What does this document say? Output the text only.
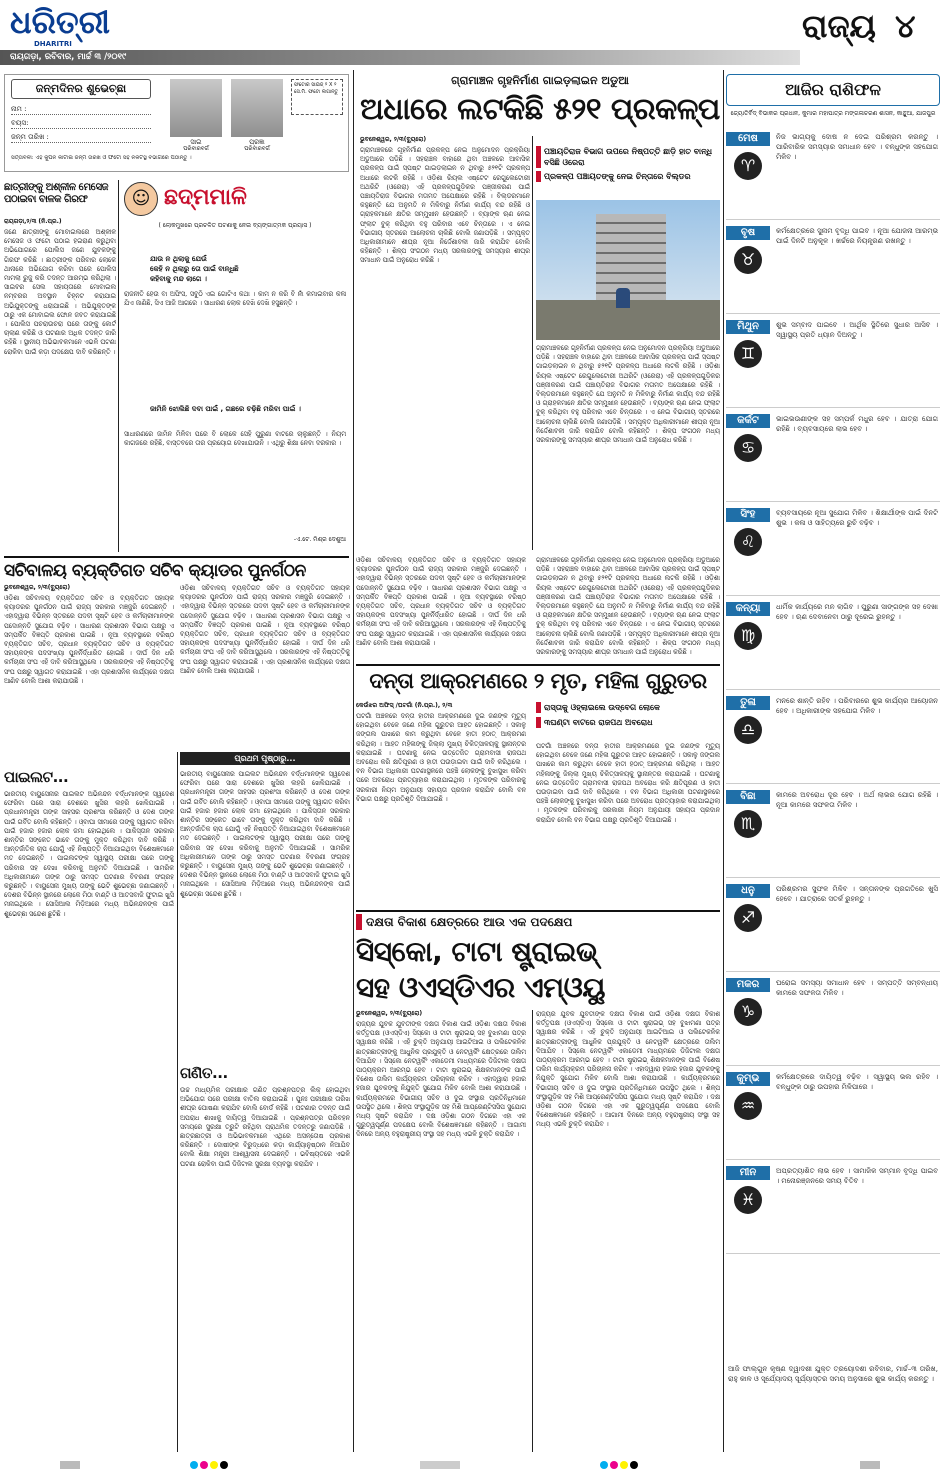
ଧରିତ୍ରୀ
DHARITRI
ରାୟଗଡ଼ା, ରବିବାର, ମାର୍ଚ୍ଚ ୩ /୨୦୧୯
ରାଜ୍ୟ ୪
ଜନ୍ମଦିନର ଶୁଭେଚ୍ଛା
ନାମ :
ବୟସ:
ଜନ୍ମ ତାରିଖ :
ସାଇ
ପରିବାରବର୍ଗ
ପ୍ରଜ୍ଞା
ପରିବାରବର୍ଗ
ଫଟୋର ସାଇଜ୍ ୨ X ୨ ସେ.ମି. ଫଟୋ ଲଗାନ୍ତୁ
ସର୍ତ୍ତାବଳୀ: ଏହି କୁପନ କାଟାଇ ଜନ୍ମ ତାରିଖ ଓ ଫଟୋ ସହ ନିକଟସ୍ଥ ବିଭାଗରେ ପଠାନ୍ତୁ ।
ଛାତ୍ରୀଙ୍କୁ ଅଶ୍ଳୀଳ ମେସେଜ ପଠାଇବା ବାଳକ ଗିରଫ
ରାୟଗଡ଼ା,୨/୩ (ନି.ପ୍ର.)
ଜଣେ ଛାତ୍ରୀଙ୍କୁ ମୋବାଇଲରେ ଅଶ୍ଳୀଳ ମେସେଜ ଓ ଫଟୋ ପଠାଇ ହଇରାଣ କରୁଥିବା ଅଭିଯୋଗରେ ପୋଲିସ ଜଣେ ଯୁବକଙ୍କୁ ଗିରଫ କରିଛି । ଛାତ୍ରୀଙ୍କ ପରିବାର ଲୋକେ ଥାନାରେ ଅଭିଯୋଗ କରିବା ପରେ ପୋଲିସ ମାମଲା ରୁଜୁ କରି ତଦନ୍ତ ଆରମ୍ଭ କରିଥିଲା । ସାଇବର ସେଲ ସହାୟତାରେ ମୋବାଇଲ ନମ୍ବରର ଅବସ୍ଥାନ ଚିହ୍ନଟ କରାଯାଇ ଅଭିଯୁକ୍ତଙ୍କୁ ଧରାଯାଇଛି । ଅଭିଯୁକ୍ତଙ୍କ ଠାରୁ ଏକ ମୋବାଇଲ ଫୋନ ଜବତ କରାଯାଇଛି । ପୋଲିସ ପଚରାଉଚରା ପରେ ତାଙ୍କୁ କୋର୍ଟ ଚାଲାଣ କରିଛି ଓ ଘଟଣାର ଅଧିକ ତଦନ୍ତ ଜାରି ରହିଛି । ସ୍ଥାନୀୟ ଅଭିଭାବକମାନେ ଏଭଳି ଘଟଣା ରୋକିବା ପାଇଁ କଡ଼ା ପଦକ୍ଷେପ ଦାବି କରିଛନ୍ତି ।
☺ ଛଦ୍ମମାଳି
( ଲୋକମୁଖରେ ପ୍ରଚଳିତ ଘଟଣାକୁ ନେଇ ବ୍ୟଙ୍ଗାତ୍ମକ ପ୍ରୟାସ )
ଯାଉ ନ ଥିଲାକୁ ଯେଉଁ
କେହି ନ ଥିଲାରୁ ତୋ ପାଇଁ ବାନ୍ଧିଛି
କହିବାକୁ ମନ୍ଦ ଲାଗେ ।
ରାଜନୀତି ହେଉ ବା ଅଫିସ, ସବୁଠି ଏଇ ଗୋଟିଏ କଥା । କାମ ନ କରି ବି ନାଁ କମାଇବାର କଳା ଯିଏ ଜାଣିଛି, ସିଏ ଆଜି ଆଗରେ । ସାଧାରଣ ଲୋକ ଦେଖି ଦେଖି ହସୁଛନ୍ତି ।
ଜାମିନି ଝୋଲିଛି ଦବା ପାଇଁ , ଗଛରେ ଚଢ଼ିଛି ମରିବା ପାଇଁ ।
ସାଧାରଣରେ ଜାମିନ ମିଳିବା ପରେ ବି ଲୋକେ ସେହି ପୁରୁଣା ବାଟରେ ଚାଲୁଛନ୍ତି । ନିୟମ କାଗଜରେ ରହିଛି, ବାସ୍ତବରେ ତାର ପ୍ରୟୋଗ ଦେଖାଯାଉନି । ଏଥିରୁ ଶିକ୍ଷା ନେବା ଦରକାର ।
-ଏ.ଟେ. ମିଶ୍ର ଦେଶୁଆ
ଗ୍ରାମାଞ୍ଚଳ ଗୃହନିର୍ମାଣ ଗାଇଡ଼ଲାଇନ ଅଡୁଆ
ଅଧାରେ ଲଟକିଛି ୫୨୧ ପ୍ରକଳ୍ପ
ଭୁବନେଶ୍ୱର, ୨/୩(ବ୍ୟୁରୋ)
ଗ୍ରାମାଞ୍ଚଳରେ ଗୃହନିର୍ମାଣ ପ୍ରକଳ୍ପ ନେଇ ଅନୁମୋଦନ ପ୍ରକ୍ରିୟା ଅଡୁଆରେ ପଡ଼ିଛି । ସହରାଞ୍ଚଳ ବାହାରେ ଥିବା ଅଞ୍ଚଳରେ ଆବାସିକ ପ୍ରକଳ୍ପ ପାଇଁ ସ୍ପଷ୍ଟ ଗାଇଡ଼ଲାଇନ ନ ଥିବାରୁ ୫୨୧ଟି ପ୍ରକଳ୍ପ ଅଧାରେ ଲଟକି ରହିଛି । ଓଡ଼ିଶା ରିୟଲ ଏଷ୍ଟେଟ ରେଗୁଲେଟୋରୀ ଅଥରିଟି (ଓରେରା) ଏହି ପ୍ରକଳ୍ପଗୁଡ଼ିକର ପଞ୍ଜୀକରଣ ପାଇଁ ପଞ୍ଚାୟତିରାଜ ବିଭାଗର ମତାମତ ଅପେକ୍ଷାରେ ରହିଛି । ବିଲ୍ଡରମାନେ କହୁଛନ୍ତି ଯେ ଅନୁମତି ନ ମିଳିବାରୁ ନିର୍ମାଣ କାର୍ଯ୍ୟ ବନ୍ଦ ରହିଛି ଓ ଗ୍ରାହକମାନେ କ୍ଷତିର ସମ୍ମୁଖୀନ ହେଉଛନ୍ତି । ବ୍ୟାଙ୍କ ଋଣ ନେଇ ଫ୍ଲାଟ ବୁକ୍ କରିଥିବା ବହୁ ପରିବାର ଏବେ ଚିନ୍ତାରେ । ଏ ନେଇ ବିଭାଗୀୟ ସ୍ତରରେ ଆଲୋଚନା ଚାଲିଛି ବୋଲି ଜଣାପଡ଼ିଛି । ସମ୍ପୃକ୍ତ ଅଧିକାରୀମାନେ ଶୀଘ୍ର ନୂଆ ନିର୍ଦ୍ଦେଶାବଳୀ ଜାରି କରାଯିବ ବୋଲି କହିଛନ୍ତି । ଶିଳ୍ପ ସଂଗଠନ ମଧ୍ୟ ସରକାରଙ୍କୁ ସମସ୍ୟାର ଶୀଘ୍ର ସମାଧାନ ପାଇଁ ଅନୁରୋଧ କରିଛି ।
ପଞ୍ଚାୟତିରାଜ ବିଭାଗ ଉପରେ ନିଷ୍ପତ୍ତି ଛାଡ଼ି ହାତ ବାନ୍ଧି ବସିଛି ଓରେରା
ପ୍ରକଳ୍ପ ପଞ୍ଚାୟତଙ୍କୁ ନେଇ ଚିନ୍ତାରେ ବିଲ୍ଡର
ଗ୍ରାମାଞ୍ଚଳରେ ଗୃହନିର୍ମାଣ ପ୍ରକଳ୍ପ ନେଇ ଅନୁମୋଦନ ପ୍ରକ୍ରିୟା ଅଡୁଆରେ ପଡ଼ିଛି । ସହରାଞ୍ଚଳ ବାହାରେ ଥିବା ଅଞ୍ଚଳରେ ଆବାସିକ ପ୍ରକଳ୍ପ ପାଇଁ ସ୍ପଷ୍ଟ ଗାଇଡ଼ଲାଇନ ନ ଥିବାରୁ ୫୨୧ଟି ପ୍ରକଳ୍ପ ଅଧାରେ ଲଟକି ରହିଛି । ଓଡ଼ିଶା ରିୟଲ ଏଷ୍ଟେଟ ରେଗୁଲେଟୋରୀ ଅଥରିଟି (ଓରେରା) ଏହି ପ୍ରକଳ୍ପଗୁଡ଼ିକର ପଞ୍ଜୀକରଣ ପାଇଁ ପଞ୍ଚାୟତିରାଜ ବିଭାଗର ମତାମତ ଅପେକ୍ଷାରେ ରହିଛି । ବିଲ୍ଡରମାନେ କହୁଛନ୍ତି ଯେ ଅନୁମତି ନ ମିଳିବାରୁ ନିର୍ମାଣ କାର୍ଯ୍ୟ ବନ୍ଦ ରହିଛି ଓ ଗ୍ରାହକମାନେ କ୍ଷତିର ସମ୍ମୁଖୀନ ହେଉଛନ୍ତି । ବ୍ୟାଙ୍କ ଋଣ ନେଇ ଫ୍ଲାଟ ବୁକ୍ କରିଥିବା ବହୁ ପରିବାର ଏବେ ଚିନ୍ତାରେ । ଏ ନେଇ ବିଭାଗୀୟ ସ୍ତରରେ ଆଲୋଚନା ଚାଲିଛି ବୋଲି ଜଣାପଡ଼ିଛି । ସମ୍ପୃକ୍ତ ଅଧିକାରୀମାନେ ଶୀଘ୍ର ନୂଆ ନିର୍ଦ୍ଦେଶାବଳୀ ଜାରି କରାଯିବ ବୋଲି କହିଛନ୍ତି । ଶିଳ୍ପ ସଂଗଠନ ମଧ୍ୟ ସରକାରଙ୍କୁ ସମସ୍ୟାର ଶୀଘ୍ର ସମାଧାନ ପାଇଁ ଅନୁରୋଧ କରିଛି ।
ସଚିବାଳୟ ବ୍ୟକ୍ତିଗତ ସଚିବ କ୍ୟାଡର ପୁନର୍ଗଠନ
ଭୁବନେଶ୍ୱର, ୨/୩(ବ୍ୟୁରୋ)
ଓଡ଼ିଶା ସଚିବାଳୟ ବ୍ୟକ୍ତିଗତ ସଚିବ ଓ ବ୍ୟକ୍ତିଗତ ସହାୟକ କ୍ୟାଡରର ପୁନର୍ଗଠନ ପାଇଁ ରାଜ୍ୟ ସରକାର ମଞ୍ଜୁରି ଦେଇଛନ୍ତି । ଏହାଦ୍ୱାରା ବିଭିନ୍ନ ସ୍ତରରେ ପଦବୀ ସୃଷ୍ଟି ହେବ ଓ କର୍ମଚାରୀମାନଙ୍କ ପଦୋନ୍ନତି ସୁଯୋଗ ବଢ଼ିବ । ସାଧାରଣ ପ୍ରଶାସନ ବିଭାଗ ପକ୍ଷରୁ ଏ ସମ୍ପର୍କିତ ବିଜ୍ଞପ୍ତି ପ୍ରକାଶ ପାଇଛି । ନୂଆ ବ୍ୟବସ୍ଥାରେ ବରିଷ୍ଠ ବ୍ୟକ୍ତିଗତ ସଚିବ, ପ୍ରଧାନ ବ୍ୟକ୍ତିଗତ ସଚିବ ଓ ବ୍ୟକ୍ତିଗତ ସହାୟକଙ୍କ ପଦସଂଖ୍ୟା ପୁନର୍ନିର୍ଦ୍ଧାରିତ ହୋଇଛି । ଦୀର୍ଘ ଦିନ ଧରି କର୍ମଚାରୀ ସଂଘ ଏହି ଦାବି କରିଆସୁଥିଲେ । ସରକାରଙ୍କ ଏହି ନିଷ୍ପତ୍ତିକୁ ସଂଘ ପକ୍ଷରୁ ସ୍ୱାଗତ କରାଯାଇଛି । ଏହା ପ୍ରଶାସନିକ କାର୍ଯ୍ୟରେ ଦକ୍ଷତା ଆଣିବ ବୋଲି ଆଶା କରାଯାଉଛି ।
ଓଡ଼ିଶା ସଚିବାଳୟ ବ୍ୟକ୍ତିଗତ ସଚିବ ଓ ବ୍ୟକ୍ତିଗତ ସହାୟକ କ୍ୟାଡରର ପୁନର୍ଗଠନ ପାଇଁ ରାଜ୍ୟ ସରକାର ମଞ୍ଜୁରି ଦେଇଛନ୍ତି । ଏହାଦ୍ୱାରା ବିଭିନ୍ନ ସ୍ତରରେ ପଦବୀ ସୃଷ୍ଟି ହେବ ଓ କର୍ମଚାରୀମାନଙ୍କ ପଦୋନ୍ନତି ସୁଯୋଗ ବଢ଼ିବ । ସାଧାରଣ ପ୍ରଶାସନ ବିଭାଗ ପକ୍ଷରୁ ଏ ସମ୍ପର୍କିତ ବିଜ୍ଞପ୍ତି ପ୍ରକାଶ ପାଇଛି । ନୂଆ ବ୍ୟବସ୍ଥାରେ ବରିଷ୍ଠ ବ୍ୟକ୍ତିଗତ ସଚିବ, ପ୍ରଧାନ ବ୍ୟକ୍ତିଗତ ସଚିବ ଓ ବ୍ୟକ୍ତିଗତ ସହାୟକଙ୍କ ପଦସଂଖ୍ୟା ପୁନର୍ନିର୍ଦ୍ଧାରିତ ହୋଇଛି । ଦୀର୍ଘ ଦିନ ଧରି କର୍ମଚାରୀ ସଂଘ ଏହି ଦାବି କରିଆସୁଥିଲେ । ସରକାରଙ୍କ ଏହି ନିଷ୍ପତ୍ତିକୁ ସଂଘ ପକ୍ଷରୁ ସ୍ୱାଗତ କରାଯାଇଛି । ଏହା ପ୍ରଶାସନିକ କାର୍ଯ୍ୟରେ ଦକ୍ଷତା ଆଣିବ ବୋଲି ଆଶା କରାଯାଉଛି ।
ଓଡ଼ିଶା ସଚିବାଳୟ ବ୍ୟକ୍ତିଗତ ସଚିବ ଓ ବ୍ୟକ୍ତିଗତ ସହାୟକ କ୍ୟାଡରର ପୁନର୍ଗଠନ ପାଇଁ ରାଜ୍ୟ ସରକାର ମଞ୍ଜୁରି ଦେଇଛନ୍ତି । ଏହାଦ୍ୱାରା ବିଭିନ୍ନ ସ୍ତରରେ ପଦବୀ ସୃଷ୍ଟି ହେବ ଓ କର୍ମଚାରୀମାନଙ୍କ ପଦୋନ୍ନତି ସୁଯୋଗ ବଢ଼ିବ । ସାଧାରଣ ପ୍ରଶାସନ ବିଭାଗ ପକ୍ଷରୁ ଏ ସମ୍ପର୍କିତ ବିଜ୍ଞପ୍ତି ପ୍ରକାଶ ପାଇଛି । ନୂଆ ବ୍ୟବସ୍ଥାରେ ବରିଷ୍ଠ ବ୍ୟକ୍ତିଗତ ସଚିବ, ପ୍ରଧାନ ବ୍ୟକ୍ତିଗତ ସଚିବ ଓ ବ୍ୟକ୍ତିଗତ ସହାୟକଙ୍କ ପଦସଂଖ୍ୟା ପୁନର୍ନିର୍ଦ୍ଧାରିତ ହୋଇଛି । ଦୀର୍ଘ ଦିନ ଧରି କର୍ମଚାରୀ ସଂଘ ଏହି ଦାବି କରିଆସୁଥିଲେ । ସରକାରଙ୍କ ଏହି ନିଷ୍ପତ୍ତିକୁ ସଂଘ ପକ୍ଷରୁ ସ୍ୱାଗତ କରାଯାଇଛି । ଏହା ପ୍ରଶାସନିକ କାର୍ଯ୍ୟରେ ଦକ୍ଷତା ଆଣିବ ବୋଲି ଆଶା କରାଯାଉଛି ।
ଗ୍ରାମାଞ୍ଚଳରେ ଗୃହନିର୍ମାଣ ପ୍ରକଳ୍ପ ନେଇ ଅନୁମୋଦନ ପ୍ରକ୍ରିୟା ଅଡୁଆରେ ପଡ଼ିଛି । ସହରାଞ୍ଚଳ ବାହାରେ ଥିବା ଅଞ୍ଚଳରେ ଆବାସିକ ପ୍ରକଳ୍ପ ପାଇଁ ସ୍ପଷ୍ଟ ଗାଇଡ଼ଲାଇନ ନ ଥିବାରୁ ୫୨୧ଟି ପ୍ରକଳ୍ପ ଅଧାରେ ଲଟକି ରହିଛି । ଓଡ଼ିଶା ରିୟଲ ଏଷ୍ଟେଟ ରେଗୁଲେଟୋରୀ ଅଥରିଟି (ଓରେରା) ଏହି ପ୍ରକଳ୍ପଗୁଡ଼ିକର ପଞ୍ଜୀକରଣ ପାଇଁ ପଞ୍ଚାୟତିରାଜ ବିଭାଗର ମତାମତ ଅପେକ୍ଷାରେ ରହିଛି । ବିଲ୍ଡରମାନେ କହୁଛନ୍ତି ଯେ ଅନୁମତି ନ ମିଳିବାରୁ ନିର୍ମାଣ କାର୍ଯ୍ୟ ବନ୍ଦ ରହିଛି ଓ ଗ୍ରାହକମାନେ କ୍ଷତିର ସମ୍ମୁଖୀନ ହେଉଛନ୍ତି । ବ୍ୟାଙ୍କ ଋଣ ନେଇ ଫ୍ଲାଟ ବୁକ୍ କରିଥିବା ବହୁ ପରିବାର ଏବେ ଚିନ୍ତାରେ । ଏ ନେଇ ବିଭାଗୀୟ ସ୍ତରରେ ଆଲୋଚନା ଚାଲିଛି ବୋଲି ଜଣାପଡ଼ିଛି । ସମ୍ପୃକ୍ତ ଅଧିକାରୀମାନେ ଶୀଘ୍ର ନୂଆ ନିର୍ଦ୍ଦେଶାବଳୀ ଜାରି କରାଯିବ ବୋଲି କହିଛନ୍ତି । ଶିଳ୍ପ ସଂଗଠନ ମଧ୍ୟ ସରକାରଙ୍କୁ ସମସ୍ୟାର ଶୀଘ୍ର ସମାଧାନ ପାଇଁ ଅନୁରୋଧ କରିଛି ।
ଦନ୍ତା ଆକ୍ରମଣରେ ୨ ମୃତ, ମହିଳା ଗୁରୁତର
କେଉଁଝର ଅଫିସ୍ /ଘଟଗାଁ (ନି.ପ୍ର.), ୨/୩
ଘଟଗାଁ ଅଞ୍ଚଳରେ ଦନ୍ତା ହାତୀର ଆକ୍ରମଣରେ ଦୁଇ ଜଣଙ୍କ ମୃତ୍ୟୁ ହୋଇଥିବା ବେଳେ ଜଣେ ମହିଳା ଗୁରୁତର ଆହତ ହୋଇଛନ୍ତି । ସକାଳୁ ଜଙ୍ଗଲ ପାଖରେ କାମ କରୁଥିବା ବେଳେ ହାତୀ ହଠାତ୍ ଆକ୍ରମଣ କରିଥିଲା । ଆହତ ମହିଳାଙ୍କୁ ଜିଲ୍ଲା ମୁଖ୍ୟ ଚିକିତ୍ସାଳୟକୁ ସ୍ଥାନାନ୍ତର କରାଯାଇଛି । ଘଟଣାକୁ ନେଇ ଉତ୍ତେଜିତ ଗ୍ରାମବାସୀ ରାଜପଥ ଅବରୋଧ କରି କ୍ଷତିପୂରଣ ଓ ହାତୀ ଘଉଡ଼ାଇବା ପାଇଁ ଦାବି କରିଥିଲେ । ବନ ବିଭାଗ ଅଧିକାରୀ ଘଟଣାସ୍ଥଳରେ ପହଞ୍ଚି ଲୋକଙ୍କୁ ବୁଝାସୁଝା କରିବା ପରେ ଅବରୋଧ ପ୍ରତ୍ୟାହାର କରାଯାଇଥିଲା । ମୃତକଙ୍କ ପରିବାରକୁ ସରକାରୀ ନିୟମ ଅନୁଯାୟୀ ସହାୟତା ପ୍ରଦାନ କରାଯିବ ବୋଲି ବନ ବିଭାଗ ପକ୍ଷରୁ ପ୍ରତିଶୃତି ଦିଆଯାଇଛି ।
ରାସ୍ତାକୁ ଓହ୍ଲାଇଲେ ଉଦ୍ବେଗ ଲୋକେ
୩ଘଣ୍ଟା ବାଟରେ ରାଜପଥ ଅବରୋଧ
ଘଟଗାଁ ଅଞ୍ଚଳରେ ଦନ୍ତା ହାତୀର ଆକ୍ରମଣରେ ଦୁଇ ଜଣଙ୍କ ମୃତ୍ୟୁ ହୋଇଥିବା ବେଳେ ଜଣେ ମହିଳା ଗୁରୁତର ଆହତ ହୋଇଛନ୍ତି । ସକାଳୁ ଜଙ୍ଗଲ ପାଖରେ କାମ କରୁଥିବା ବେଳେ ହାତୀ ହଠାତ୍ ଆକ୍ରମଣ କରିଥିଲା । ଆହତ ମହିଳାଙ୍କୁ ଜିଲ୍ଲା ମୁଖ୍ୟ ଚିକିତ୍ସାଳୟକୁ ସ୍ଥାନାନ୍ତର କରାଯାଇଛି । ଘଟଣାକୁ ନେଇ ଉତ୍ତେଜିତ ଗ୍ରାମବାସୀ ରାଜପଥ ଅବରୋଧ କରି କ୍ଷତିପୂରଣ ଓ ହାତୀ ଘଉଡ଼ାଇବା ପାଇଁ ଦାବି କରିଥିଲେ । ବନ ବିଭାଗ ଅଧିକାରୀ ଘଟଣାସ୍ଥଳରେ ପହଞ୍ଚି ଲୋକଙ୍କୁ ବୁଝାସୁଝା କରିବା ପରେ ଅବରୋଧ ପ୍ରତ୍ୟାହାର କରାଯାଇଥିଲା । ମୃତକଙ୍କ ପରିବାରକୁ ସରକାରୀ ନିୟମ ଅନୁଯାୟୀ ସହାୟତା ପ୍ରଦାନ କରାଯିବ ବୋଲି ବନ ବିଭାଗ ପକ୍ଷରୁ ପ୍ରତିଶୃତି ଦିଆଯାଇଛି ।
ପ୍ରଥମ ପୃଷ୍ଠାରୁ...
ପାଇଲଟ...
ଭାରତୀୟ ବାୟୁସେନାର ପାଇଲଟ ଅଭିନନ୍ଦନ ବର୍ଦ୍ଧମାନଙ୍କ ସ୍ୱଦେଶ ଫେରିବା ପରେ ସାରା ଦେଶରେ ଖୁସିର ଲହରି ଖେଳିଯାଇଛି । ପ୍ରଧାନମନ୍ତ୍ରୀ ତାଙ୍କ ସାହସର ପ୍ରଶଂସା କରିଛନ୍ତି ଓ ଦେଶ ତାଙ୍କ ପାଇଁ ଗର୍ବିତ ବୋଲି କହିଛନ୍ତି । ଓ୍ବାଘା ସୀମାରେ ତାଙ୍କୁ ସ୍ୱାଗତ କରିବା ପାଇଁ ହଜାର ହଜାର ଲୋକ ଜମା ହୋଇଥିଲେ । ପାକିସ୍ତାନ ସରକାର ଶାନ୍ତିର ସଙ୍କେତ ଭାବେ ତାଙ୍କୁ ମୁକ୍ତ କରିଥିବା ଦାବି କରିଛି । ଆନ୍ତର୍ଜାତିକ ଚାପ ଯୋଗୁଁ ଏହି ନିଷ୍ପତ୍ତି ନିଆଯାଇଥିବା ବିଶେଷଜ୍ଞମାନେ ମତ ଦେଇଛନ୍ତି । ପାଇଲଟଙ୍କ ସ୍ୱାସ୍ଥ୍ୟ ପରୀକ୍ଷା ପରେ ତାଙ୍କୁ ପରିବାର ସହ ଦେଖା କରିବାକୁ ଅନୁମତି ଦିଆଯାଇଛି । ସାମରିକ ଅଧିକାରୀମାନେ ତାଙ୍କ ଠାରୁ ସମସ୍ତ ଘଟଣାର ବିବରଣୀ ସଂଗ୍ରହ କରୁଛନ୍ତି । ବାୟୁସେନା ମୁଖ୍ୟ ତାଙ୍କୁ ଭେଟି ଶୁଭେଚ୍ଛା ଜଣାଇଛନ୍ତି । ଦେଶର ବିଭିନ୍ନ ସ୍ଥାନରେ ଲୋକେ ମିଠା ବାଣ୍ଟି ଓ ଆତସବାଜି ଫୁଟାଇ ଖୁସି ମନାଇଥିଲେ । ସୋସିଆଲ ମିଡ଼ିଆରେ ମଧ୍ୟ ଅଭିନନ୍ଦନଙ୍କ ପାଇଁ ଶୁଭେଚ୍ଛା ସନ୍ଦେଶ ଛୁଟିଛି ।
ଭାରତୀୟ ବାୟୁସେନାର ପାଇଲଟ ଅଭିନନ୍ଦନ ବର୍ଦ୍ଧମାନଙ୍କ ସ୍ୱଦେଶ ଫେରିବା ପରେ ସାରା ଦେଶରେ ଖୁସିର ଲହରି ଖେଳିଯାଇଛି । ପ୍ରଧାନମନ୍ତ୍ରୀ ତାଙ୍କ ସାହସର ପ୍ରଶଂସା କରିଛନ୍ତି ଓ ଦେଶ ତାଙ୍କ ପାଇଁ ଗର୍ବିତ ବୋଲି କହିଛନ୍ତି । ଓ୍ବାଘା ସୀମାରେ ତାଙ୍କୁ ସ୍ୱାଗତ କରିବା ପାଇଁ ହଜାର ହଜାର ଲୋକ ଜମା ହୋଇଥିଲେ । ପାକିସ୍ତାନ ସରକାର ଶାନ୍ତିର ସଙ୍କେତ ଭାବେ ତାଙ୍କୁ ମୁକ୍ତ କରିଥିବା ଦାବି କରିଛି । ଆନ୍ତର୍ଜାତିକ ଚାପ ଯୋଗୁଁ ଏହି ନିଷ୍ପତ୍ତି ନିଆଯାଇଥିବା ବିଶେଷଜ୍ଞମାନେ ମତ ଦେଇଛନ୍ତି । ପାଇଲଟଙ୍କ ସ୍ୱାସ୍ଥ୍ୟ ପରୀକ୍ଷା ପରେ ତାଙ୍କୁ ପରିବାର ସହ ଦେଖା କରିବାକୁ ଅନୁମତି ଦିଆଯାଇଛି । ସାମରିକ ଅଧିକାରୀମାନେ ତାଙ୍କ ଠାରୁ ସମସ୍ତ ଘଟଣାର ବିବରଣୀ ସଂଗ୍ରହ କରୁଛନ୍ତି । ବାୟୁସେନା ମୁଖ୍ୟ ତାଙ୍କୁ ଭେଟି ଶୁଭେଚ୍ଛା ଜଣାଇଛନ୍ତି । ଦେଶର ବିଭିନ୍ନ ସ୍ଥାନରେ ଲୋକେ ମିଠା ବାଣ୍ଟି ଓ ଆତସବାଜି ଫୁଟାଇ ଖୁସି ମନାଇଥିଲେ । ସୋସିଆଲ ମିଡ଼ିଆରେ ମଧ୍ୟ ଅଭିନନ୍ଦନଙ୍କ ପାଇଁ ଶୁଭେଚ୍ଛା ସନ୍ଦେଶ ଛୁଟିଛି ।
ଗଣିତ...
ଉଚ୍ଚ ମାଧ୍ୟମିକ ପରୀକ୍ଷାର ଗଣିତ ପ୍ରଶ୍ନପତ୍ର ଲିକ୍ ହୋଇଥିବା ଅଭିଯୋଗ ପରେ ପରୀକ୍ଷା ବାତିଲ କରାଯାଇଛି । ପୁନଃ ପରୀକ୍ଷାର ତାରିଖ ଶୀଘ୍ର ଘୋଷଣା କରାଯିବ ବୋଲି ବୋର୍ଡ କହିଛି । ଘଟଣାର ତଦନ୍ତ ପାଇଁ ଅପରାଧ ଶାଖାକୁ ଦାୟିତ୍ୱ ଦିଆଯାଇଛି । ପ୍ରଶ୍ନପତ୍ର ପରିବହନ ସମୟରେ ସୁରକ୍ଷା ତ୍ରୁଟି ରହିଥିବା ପ୍ରାଥମିକ ତଦନ୍ତରୁ ଜଣାପଡ଼ିଛି । ଛାତ୍ରଛାତ୍ରୀ ଓ ଅଭିଭାବକମାନେ ଏଥିରେ ଅସନ୍ତୋଷ ପ୍ରକାଶ କରିଛନ୍ତି । ଦୋଷୀଙ୍କ ବିରୁଦ୍ଧରେ କଡ଼ା କାର୍ଯ୍ୟାନୁଷ୍ଠାନ ନିଆଯିବ ବୋଲି ଶିକ୍ଷା ମନ୍ତ୍ରୀ ଆଶ୍ୱାସନା ଦେଇଛନ୍ତି । ଭବିଷ୍ୟତରେ ଏଭଳି ଘଟଣା ରୋକିବା ପାଇଁ ଡିଜିଟାଲ ସୁରକ୍ଷା ବ୍ୟବସ୍ଥା କରାଯିବ ।
ଦକ୍ଷତା ବିକାଶ କ୍ଷେତ୍ରରେ ଆଉ ଏକ ପଦକ୍ଷେପ
ସିସ୍‌କୋ, ଟାଟା ଷ୍ଟ୍ରାଇଭ୍
ସହ ଓଏସ୍‌ଡିଏର ଏମ୍‌ଓୟୁ
ଭୁବନେଶ୍ୱର, ୨/୩(ବ୍ୟୁରୋ)
ରାଜ୍ୟର ଯୁବକ ଯୁବତୀଙ୍କ ଦକ୍ଷତା ବିକାଶ ପାଇଁ ଓଡ଼ିଶା ଦକ୍ଷତା ବିକାଶ କର୍ତ୍ତୃପକ୍ଷ (ଓଏସ୍‌ଡିଏ) ସିସ୍‌କୋ ଓ ଟାଟା ଷ୍ଟ୍ରାଇଭ୍ ସହ ବୁଝାମଣା ପତ୍ର ସ୍ୱାକ୍ଷର କରିଛି । ଏହି ଚୁକ୍ତି ଅନୁଯାୟୀ ଆଇଟିଆଇ ଓ ପଲିଟେକନିକ ଛାତ୍ରଛାତ୍ରୀଙ୍କୁ ଆଧୁନିକ ପ୍ରଯୁକ୍ତି ଓ ନେଟୱର୍କିଂ କ୍ଷେତ୍ରରେ ତାଲିମ ଦିଆଯିବ । ସିସ୍‌କୋ ନେଟୱର୍କିଂ ଏକାଡେମୀ ମାଧ୍ୟମରେ ଡିଜିଟାଲ ଦକ୍ଷତା ପାଠ୍ୟକ୍ରମ ଆରମ୍ଭ ହେବ । ଟାଟା ଷ୍ଟ୍ରାଇଭ୍ ଶିକ୍ଷକମାନଙ୍କ ପାଇଁ ବିଶେଷ ତାଲିମ କାର୍ଯ୍ୟକ୍ରମ ପରିଚାଳନା କରିବ । ଏହାଦ୍ୱାରା ହଜାର ହଜାର ଯୁବକଙ୍କୁ ନିଯୁକ୍ତି ସୁଯୋଗ ମିଳିବ ବୋଲି ଆଶା କରାଯାଉଛି । କାର୍ଯ୍ୟକ୍ରମରେ ବିଭାଗୀୟ ସଚିବ ଓ ଦୁଇ ସଂସ୍ଥାର ପ୍ରତିନିଧିମାନେ ଉପସ୍ଥିତ ଥିଲେ । ଶିଳ୍ପ ସଂସ୍ଥାଗୁଡ଼ିକ ସହ ମିଶି ଆପ୍ରେଣ୍ଟିସସିପ ସୁଯୋଗ ମଧ୍ୟ ସୃଷ୍ଟି କରାଯିବ । ଦକ୍ଷ ଓଡ଼ିଶା ଗଠନ ଦିଗରେ ଏହା ଏକ ଗୁରୁତ୍ୱପୂର୍ଣ୍ଣ ପଦକ୍ଷେପ ବୋଲି ବିଶେଷଜ୍ଞମାନେ କହିଛନ୍ତି । ଆଗାମୀ ଦିନରେ ଅନ୍ୟ ବହୁରାଷ୍ଟ୍ରୀୟ ସଂସ୍ଥା ସହ ମଧ୍ୟ ଏଭଳି ଚୁକ୍ତି କରାଯିବ ।
ରାଜ୍ୟର ଯୁବକ ଯୁବତୀଙ୍କ ଦକ୍ଷତା ବିକାଶ ପାଇଁ ଓଡ଼ିଶା ଦକ୍ଷତା ବିକାଶ କର୍ତ୍ତୃପକ୍ଷ (ଓଏସ୍‌ଡିଏ) ସିସ୍‌କୋ ଓ ଟାଟା ଷ୍ଟ୍ରାଇଭ୍ ସହ ବୁଝାମଣା ପତ୍ର ସ୍ୱାକ୍ଷର କରିଛି । ଏହି ଚୁକ୍ତି ଅନୁଯାୟୀ ଆଇଟିଆଇ ଓ ପଲିଟେକନିକ ଛାତ୍ରଛାତ୍ରୀଙ୍କୁ ଆଧୁନିକ ପ୍ରଯୁକ୍ତି ଓ ନେଟୱର୍କିଂ କ୍ଷେତ୍ରରେ ତାଲିମ ଦିଆଯିବ । ସିସ୍‌କୋ ନେଟୱର୍କିଂ ଏକାଡେମୀ ମାଧ୍ୟମରେ ଡିଜିଟାଲ ଦକ୍ଷତା ପାଠ୍ୟକ୍ରମ ଆରମ୍ଭ ହେବ । ଟାଟା ଷ୍ଟ୍ରାଇଭ୍ ଶିକ୍ଷକମାନଙ୍କ ପାଇଁ ବିଶେଷ ତାଲିମ କାର୍ଯ୍ୟକ୍ରମ ପରିଚାଳନା କରିବ । ଏହାଦ୍ୱାରା ହଜାର ହଜାର ଯୁବକଙ୍କୁ ନିଯୁକ୍ତି ସୁଯୋଗ ମିଳିବ ବୋଲି ଆଶା କରାଯାଉଛି । କାର୍ଯ୍ୟକ୍ରମରେ ବିଭାଗୀୟ ସଚିବ ଓ ଦୁଇ ସଂସ୍ଥାର ପ୍ରତିନିଧିମାନେ ଉପସ୍ଥିତ ଥିଲେ । ଶିଳ୍ପ ସଂସ୍ଥାଗୁଡ଼ିକ ସହ ମିଶି ଆପ୍ରେଣ୍ଟିସସିପ ସୁଯୋଗ ମଧ୍ୟ ସୃଷ୍ଟି କରାଯିବ । ଦକ୍ଷ ଓଡ଼ିଶା ଗଠନ ଦିଗରେ ଏହା ଏକ ଗୁରୁତ୍ୱପୂର୍ଣ୍ଣ ପଦକ୍ଷେପ ବୋଲି ବିଶେଷଜ୍ଞମାନେ କହିଛନ୍ତି । ଆଗାମୀ ଦିନରେ ଅନ୍ୟ ବହୁରାଷ୍ଟ୍ରୀୟ ସଂସ୍ଥା ସହ ମଧ୍ୟ ଏଭଳି ଚୁକ୍ତି କରାଯିବ ।
ଆଜିର ରାଶିଫଳ
ଜ୍ୟୋତିର୍ବିଦ୍ ବିଭାକର ପ୍ରଧାନ, କୁମାର ମହାପାତ୍ର ମଙ୍ଗଳାଚରଣ ଶାସନ, କାନ୍ଥୁଆ, ଯାଜପୁର
ମେଷ
♈
ନିଜ ଭାଗ୍ୟକୁ ଦୋଷ ନ ଦେଇ ପରିଶ୍ରମ କରନ୍ତୁ । ପାରିବାରିକ ସମସ୍ୟାର ସମାଧାନ ହେବ । ବନ୍ଧୁଙ୍କ ସହଯୋଗ ମିଳିବ ।
ବୃଷ
♉
କର୍ମକ୍ଷେତ୍ରରେ ସୁନାମ ବୃଦ୍ଧି ପାଇବ । ନୂଆ ଯୋଜନା ଆରମ୍ଭ ପାଇଁ ଦିନଟି ଅନୁକୂଳ । ଖର୍ଚ୍ଚରେ ନିୟନ୍ତ୍ରଣ ରଖନ୍ତୁ ।
ମିଥୁନ
♊
ଶୁଭ ସମ୍ବାଦ ପାଇବେ । ଆର୍ଥିକ ସ୍ଥିତିରେ ସୁଧାର ଆସିବ । ସ୍ୱାସ୍ଥ୍ୟ ପ୍ରତି ଧ୍ୟାନ ଦିଅନ୍ତୁ ।
କର୍କଟ
♋
ଭାଇଭଉଣୀଙ୍କ ସହ ସମ୍ପର୍କ ମଧୁର ହେବ । ଯାତ୍ରା ଯୋଗ ରହିଛି । ବ୍ୟବସାୟରେ ଲାଭ ହେବ ।
ସିଂହ
♌
ବ୍ୟବସାୟରେ ନୂଆ ସୁଯୋଗ ମିଳିବ । ଶିକ୍ଷାର୍ଥୀଙ୍କ ପାଇଁ ଦିନଟି ଶୁଭ । କଳା ଓ ସାହିତ୍ୟରେ ରୁଚି ବଢ଼ିବ ।
କନ୍ୟା
♍
ଧାର୍ମିକ କାର୍ଯ୍ୟରେ ମନ ଲାଗିବ । ପୁରୁଣା ସାଙ୍ଗଙ୍କ ସହ ଦେଖା ହେବ । ଋଣ ଦେବାନେବା ଠାରୁ ଦୂରେଇ ରୁହନ୍ତୁ ।
ତୁଳା
♎
ମନରେ ଶାନ୍ତି ରହିବ । ପରିବାରରେ ଶୁଭ କାର୍ଯ୍ୟର ଆୟୋଜନ ହେବ । ଅଧିକାରୀଙ୍କ ସହଯୋଗ ମିଳିବ ।
ବିଛା
♏
କାମରେ ଅବରୋଧ ଦୂର ହେବ । ଅର୍ଥ ଲାଭର ଯୋଗ ରହିଛି । ନୂଆ କାମରେ ସଫଳତା ମିଳିବ ।
ଧନୁ
♐
ପରିଶ୍ରମର ସୁଫଳ ମିଳିବ । ସନ୍ତାନଙ୍କ ପ୍ରଗତିରେ ଖୁସି ହେବେ । ଯାତ୍ରାରେ ସତର୍କ ରୁହନ୍ତୁ ।
ମକର
♑
ଘରୋଇ ସମସ୍ୟା ସମାଧାନ ହେବ । ସମ୍ପତ୍ତି ସମ୍ବନ୍ଧୀୟ କାମରେ ସଫଳତା ମିଳିବ ।
କୁମ୍ଭ
♒
କର୍ମକ୍ଷେତ୍ରରେ ଦାୟିତ୍ୱ ବଢ଼ିବ । ସ୍ୱାସ୍ଥ୍ୟ ଭଲ ରହିବ । ବନ୍ଧୁଙ୍କ ଠାରୁ ଉପହାର ମିଳିପାରେ ।
ମୀନ
♓
ଅପ୍ରତ୍ୟାଶିତ ଲାଭ ହେବ । ସାମାଜିକ ସମ୍ମାନ ବୃଦ୍ଧି ପାଇବ । ମନୋରଞ୍ଜନରେ ସମୟ ବିତିବ ।
ଆଜି ଫାଲ୍‌ଗୁନ କୃଷ୍ଣ ଦ୍ୱାଦଶୀ ଯୁକ୍ତ ତ୍ରୟୋଦଶୀ ରବିବାର, ମାର୍ଚ୍ଚ–୩ ତାରିଖ, ରାହୁ କାଳ ଓ ସୂର୍ଯ୍ୟୋଦୟ ସୂର୍ଯ୍ୟାସ୍ତର ସମୟ ଅନୁସାରେ ଶୁଭ କାର୍ଯ୍ୟ କରନ୍ତୁ ।
